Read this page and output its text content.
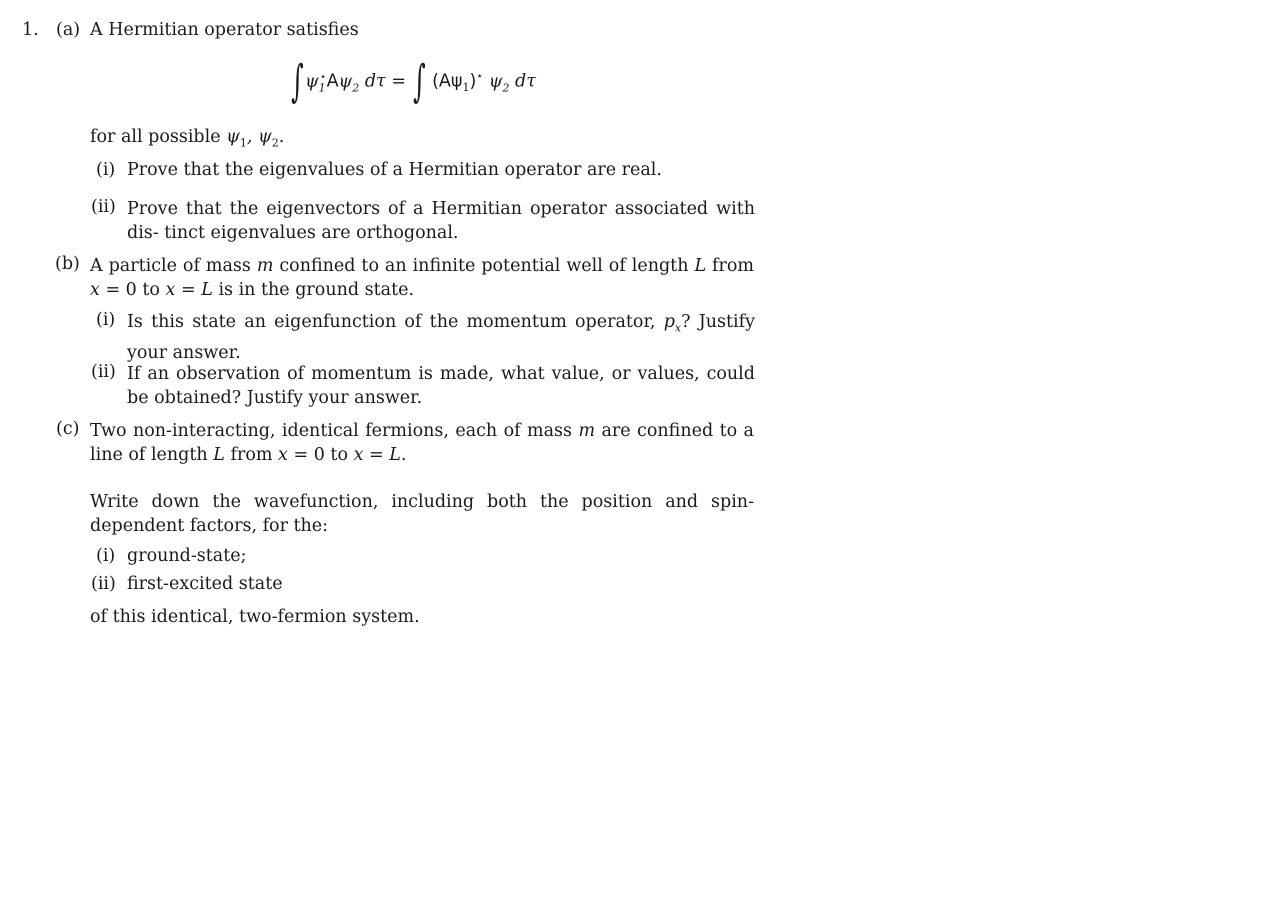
1. (a) A Hermitian operator satisfies
$\int\psi_1^⋆A\psi_2$ dτ = ∫ $(A\psi_1)^⋆$ $\psi_2$ dτ
for all possible $\psi_1$, $\psi_2$.
(i) Prove that the eigenvalues of a Hermitian operator are real.
(ii) Prove that the eigenvectors of a Hermitian operator associated with dis- tinct eigenvalues are orthogonal.
(b) A particle of mass m confined to an infinite potential well of length L from x = 0 to x = L is in the ground state.
(i) Is this state an eigenfunction of the momentum operator, $p_x$? Justify your answer.
(ii) If an observation of momentum is made, what value, or values, could be obtained? Justify your answer.
(c) Two non-interacting, identical fermions, each of mass m are confined to a line of length L from x = 0 to x = L.
Write down the wavefunction, including both the position and spin-dependent factors, for the:
(i) ground-state;
(ii) first-excited state
of this identical, two-fermion system.
